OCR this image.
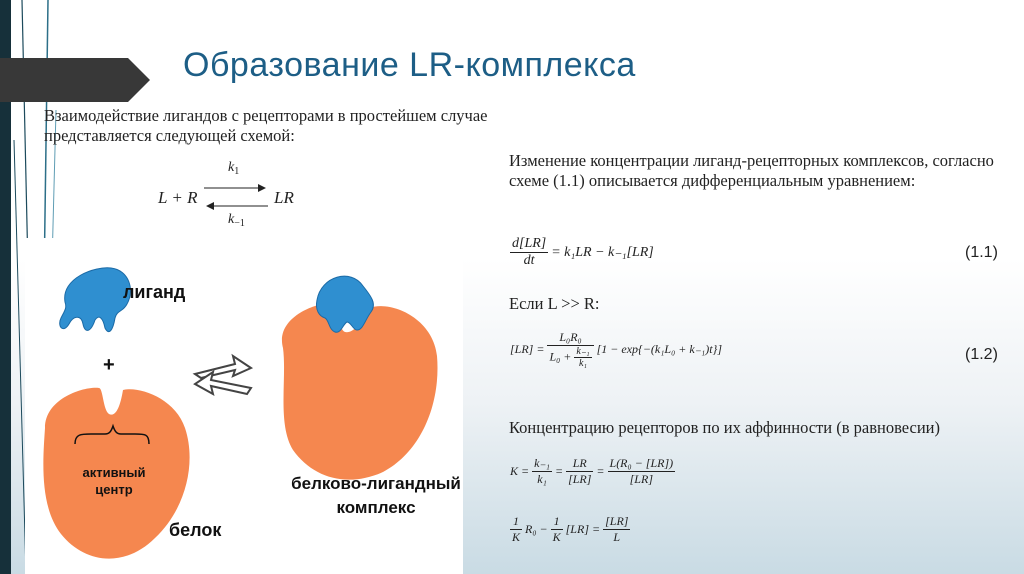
Образование LR-комплекса
Взаимодействие лигандов с рецепторами в простейшем случае представляется следующей схемой:
$k_1$
L + R	LR
$k_{-1}$
лиганд
+
активный
центр
белок
белково-лигандный
комплекс
Изменение концентрации лиганд-рецепторных комплексов, согласно схеме (1.1) описывается дифференциальным уравнением:
$\frac{d[LR]}{dt} = k_1LR - k_{-1}[LR]$	(1.1)
Если L >> R:
$[LR] = \frac{\text{L₀R₀}}{L_0 + \frac{\text{k₋₁}}{\text{k₁}}} [1 - \exp\{-(k_1L_0 + k_{-1})t\}]$	(1.2)
Концентрацию рецепторов по их аффинности (в равновесии)
$K = \frac{\text{k₋₁}}{\text{k₁}} = \frac{LR}{[LR]} = \frac{\text{L(R₀ − [LR])}}{[LR]}$
$\frac{1}{K} R_0 - \frac{1}{K} [LR] = \frac{[LR]}{L}$
